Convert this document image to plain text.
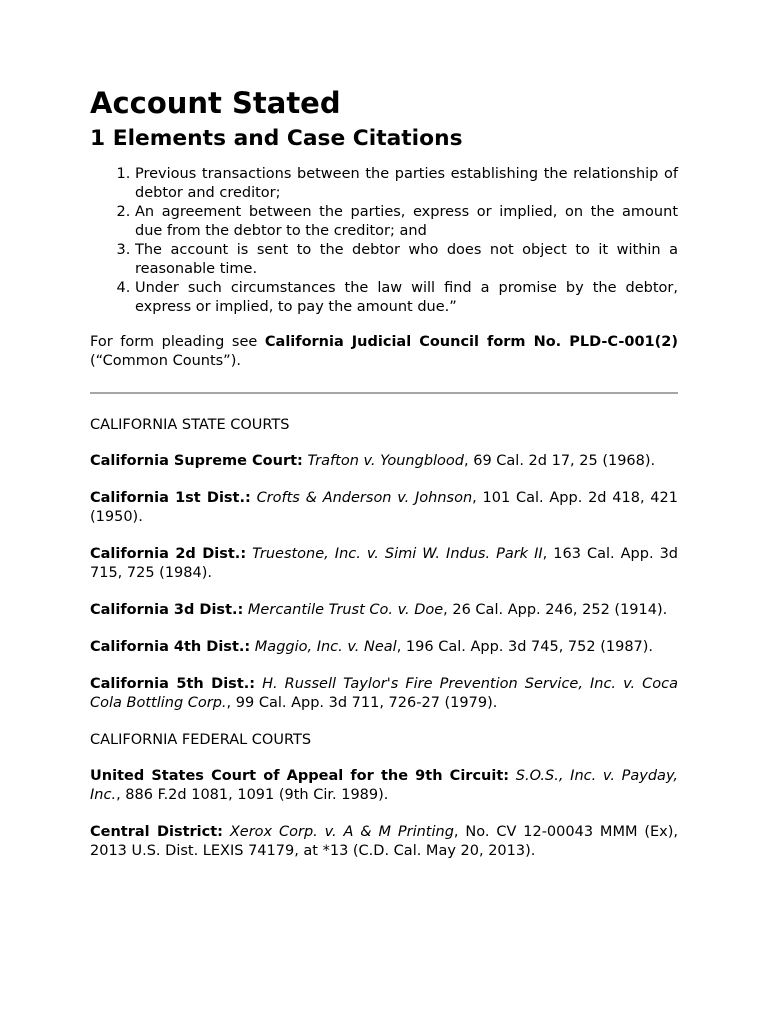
Account Stated
1 Elements and Case Citations
1. Previous transactions between the parties establishing the relationship of debtor and creditor;
2. An agreement between the parties, express or implied, on the amount due from the debtor to the creditor; and
3. The account is sent to the debtor who does not object to it within a reasonable time.
4. Under such circumstances the law will find a promise by the debtor, express or implied, to pay the amount due.”

For form pleading see California Judicial Council form No. PLD-C-001(2) (“Common Counts”).

CALIFORNIA STATE COURTS

California Supreme Court: Trafton v. Youngblood, 69 Cal. 2d 17, 25 (1968).

California 1st Dist.: Crofts & Anderson v. Johnson, 101 Cal. App. 2d 418, 421 (1950).

California 2d Dist.: Truestone, Inc. v. Simi W. Indus. Park II, 163 Cal. App. 3d 715, 725 (1984).

California 3d Dist.: Mercantile Trust Co. v. Doe, 26 Cal. App. 246, 252 (1914).

California 4th Dist.: Maggio, Inc. v. Neal, 196 Cal. App. 3d 745, 752 (1987).

California 5th Dist.: H. Russell Taylor's Fire Prevention Service, Inc. v. Coca Cola Bottling Corp., 99 Cal. App. 3d 711, 726-27 (1979).

CALIFORNIA FEDERAL COURTS

United States Court of Appeal for the 9th Circuit: S.O.S., Inc. v. Payday, Inc., 886 F.2d 1081, 1091 (9th Cir. 1989).

Central District: Xerox Corp. v. A & M Printing, No. CV 12-00043 MMM (Ex), 2013 U.S. Dist. LEXIS 74179, at *13 (C.D. Cal. May 20, 2013).
